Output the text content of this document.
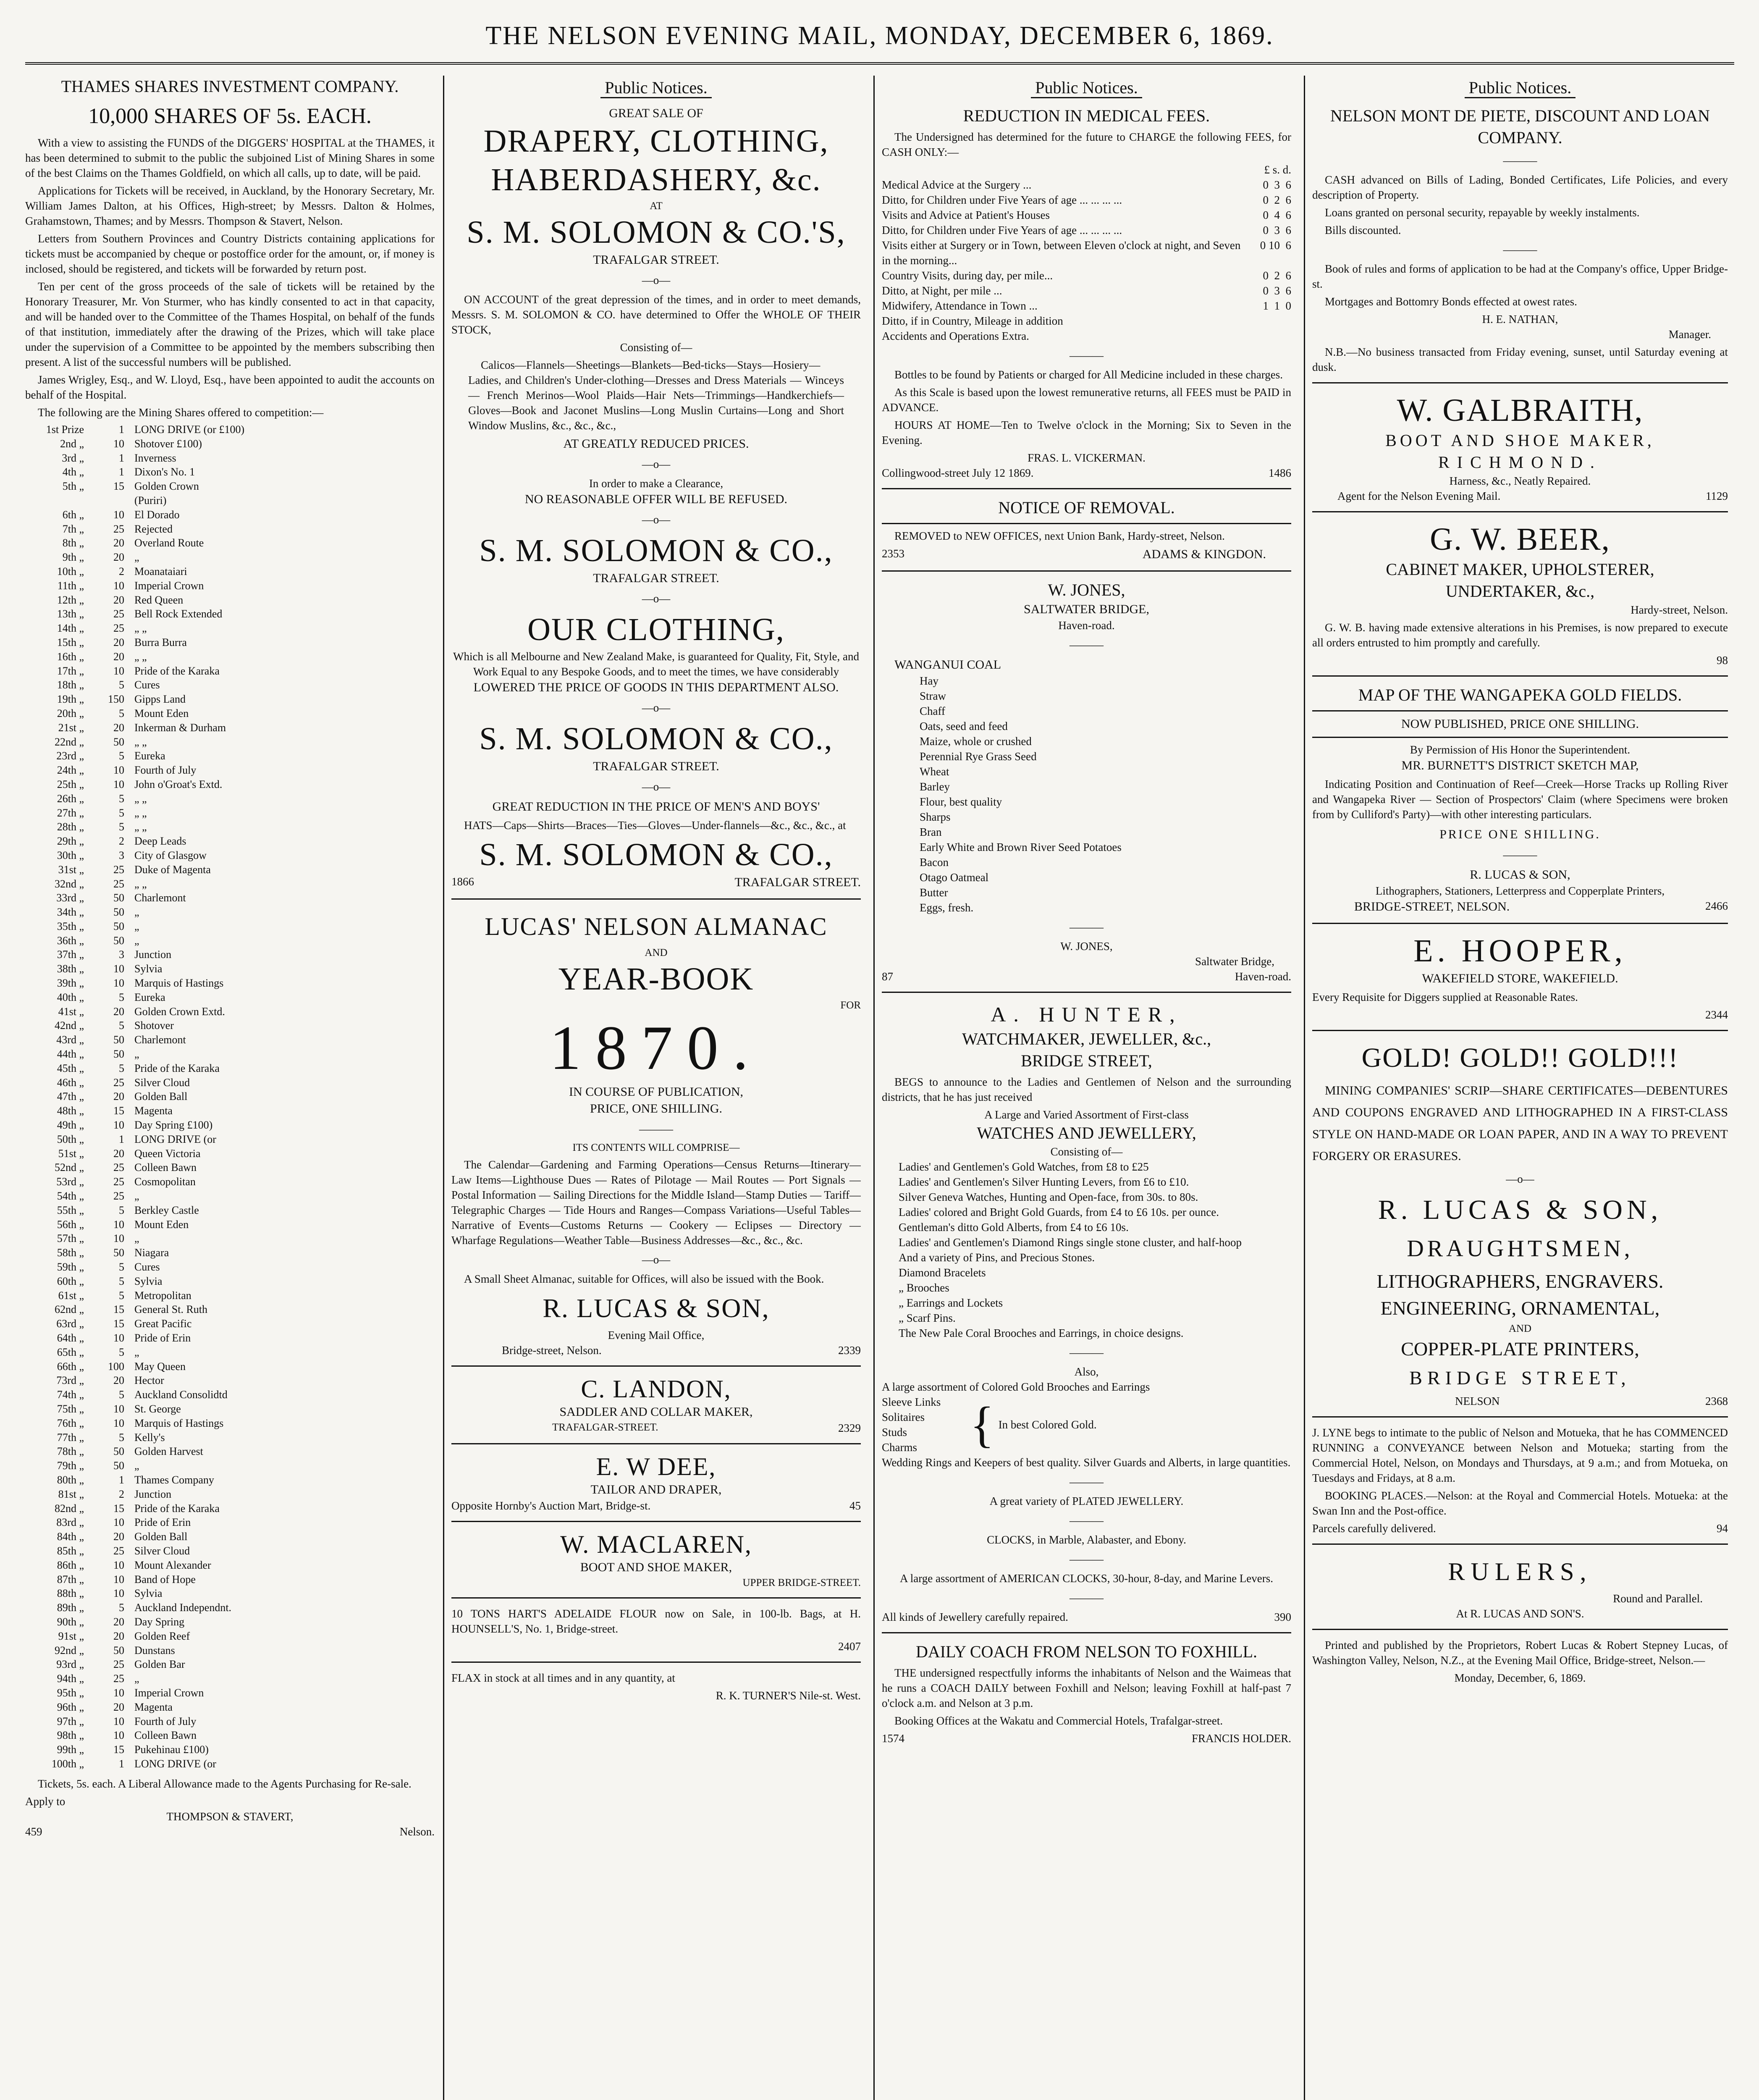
THE NELSON EVENING MAIL, MONDAY, DECEMBER 6, 1869.
THAMES SHARES INVESTMENT COMPANY.
10,000 SHARES OF 5s. EACH.
With a view to assisting the FUNDS of the DIGGERS' HOSPITAL at the THAMES, it has been determined to submit to the public the subjoined List of Mining Shares in some of the best Claims on the Thames Goldfield, on which all calls, up to date, will be paid.
Applications for Tickets will be received, in Auckland, by the Honorary Secretary, Mr. William James Dalton, at his Offices, High-street; by Messrs. Dalton & Holmes, Grahamstown, Thames; and by Messrs. Thompson & Stavert, Nelson.
Letters from Southern Provinces and Country Districts containing applications for tickets must be accompanied by cheque or postoffice order for the amount, or, if money is inclosed, should be registered, and tickets will be forwarded by return post.
Ten per cent of the gross proceeds of the sale of tickets will be retained by the Honorary Treasurer, Mr. Von Sturmer, who has kindly consented to act in that capacity, and will be handed over to the Committee of the Thames Hospital, on behalf of the funds of that institution, immediately after the drawing of the Prizes, which will take place under the supervision of a Committee to be appointed by the members subscribing then present. A list of the successful numbers will be published.
James Wrigley, Esq., and W. Lloyd, Esq., have been appointed to audit the accounts on behalf of the Hospital.
The following are the Mining Shares offered to competition:—
1st Prize	1 LONG DRIVE (or £100)
2nd „	10 Shotover £100)
3rd „	1 Inverness
4th „	1 Dixon's No. 1
5th „	15 Golden Crown
(Puriri)
6th „	10 El Dorado
7th „	25 Rejected
8th „	20 Overland Route
9th „	20 „
10th „	2 Moanataiari
11th „	10 Imperial Crown
12th „	20 Red Queen
13th „	25 Bell Rock Extended
14th „	25 „ „
15th „	20 Burra Burra
16th „	20 „ „
17th „	10 Pride of the Karaka
18th „	5 Cures
19th „	150 Gipps Land
20th „	5 Mount Eden
21st „	20 Inkerman & Durham
22nd „	50 „ „
23rd „	5 Eureka
24th „	10 Fourth of July
25th „	10 John o'Groat's Extd.
26th „	5 „ „
27th „	5 „ „
28th „	5 „ „
29th „	2 Deep Leads
30th „	3 City of Glasgow
31st „	25 Duke of Magenta
32nd „	25 „ „
33rd „	50 Charlemont
34th „	50 „
35th „	50 „
36th „	50 „
37th „	3 Junction
38th „	10 Sylvia
39th „	10 Marquis of Hastings
40th „	5 Eureka
41st „	20 Golden Crown Extd.
42nd „	5 Shotover
43rd „	50 Charlemont
44th „	50 „
45th „	5 Pride of the Karaka
46th „	25 Silver Cloud
47th „	20 Golden Ball
48th „	15 Magenta
49th „	10 Day Spring £100)
50th „	1 LONG DRIVE (or
51st „	20 Queen Victoria
52nd „	25 Colleen Bawn
53rd „	25 Cosmopolitan
54th „	25 „
55th „	5 Berkley Castle
56th „	10 Mount Eden
57th „	10 „
58th „	50 Niagara
59th „	5 Cures
60th „	5 Sylvia
61st „	5 Metropolitan
62nd „	15 General St. Ruth
63rd „	15 Great Pacific
64th „	10 Pride of Erin
65th „	5 „
66th „	100 May Queen
73rd „	20 Hector
74th „	5 Auckland Consolidtd
75th „	10 St. George
76th „	10 Marquis of Hastings
77th „	5 Kelly's
78th „	50 Golden Harvest
79th „	50 „
80th „	1 Thames Company
81st „	2 Junction
82nd „	15 Pride of the Karaka
83rd „	10 Pride of Erin
84th „	20 Golden Ball
85th „	25 Silver Cloud
86th „	10 Mount Alexander
87th „	10 Band of Hope
88th „	10 Sylvia
89th „	5 Auckland Independnt.
90th „	20 Day Spring
91st „	20 Golden Reef
92nd „	50 Dunstans
93rd „	25 Golden Bar
94th „	25 „
95th „	10 Imperial Crown
96th „	20 Magenta
97th „	10 Fourth of July
98th „	10 Colleen Bawn
99th „	15 Pukehinau £100)
100th „	1 LONG DRIVE (or
Tickets, 5s. each. A Liberal Allowance made to the Agents Purchasing for Re-sale.
Apply to
THOMPSON & STAVERT,
459	Nelson.
Public Notices.
GREAT SALE OF
DRAPERY, CLOTHING,
HABERDASHERY, &c.
AT
S. M. SOLOMON & CO.'S,
TRAFALGAR STREET.
—o—
ON ACCOUNT of the great depression of the times, and in order to meet demands, Messrs. S. M. SOLOMON & CO. have determined to Offer the WHOLE OF THEIR STOCK,
Consisting of—
Calicos—Flannels—Sheetings—Blankets—Bed-ticks—Stays—Hosiery—Ladies, and Children's Under-clothing—Dresses and Dress Materials — Winceys — French Merinos—Wool Plaids—Hair Nets—Trimmings—Handkerchiefs—Gloves—Book and Jaconet Muslins—Long Muslin Curtains—Long and Short Window Muslins, &c., &c., &c.,
AT GREATLY REDUCED PRICES.
—o—
In order to make a Clearance,
NO REASONABLE OFFER WILL BE REFUSED.
—o—
S. M. SOLOMON & CO.,
TRAFALGAR STREET.
—o—
OUR CLOTHING,
Which is all Melbourne and New Zealand Make, is guaranteed for Quality, Fit, Style, and Work Equal to any Bespoke Goods, and to meet the times, we have considerably
LOWERED THE PRICE OF GOODS IN THIS DEPARTMENT ALSO.
—o—
S. M. SOLOMON & CO.,
TRAFALGAR STREET.
—o—
GREAT REDUCTION IN THE PRICE OF MEN'S AND BOYS'
HATS—Caps—Shirts—Braces—Ties—Gloves—Under-flannels—&c., &c., &c., at
S. M. SOLOMON & CO.,
1866	TRAFALGAR STREET.
LUCAS' NELSON ALMANAC
AND
YEAR-BOOK
FOR
1870.
IN COURSE OF PUBLICATION,
PRICE, ONE SHILLING.
———
ITS CONTENTS WILL COMPRISE—
The Calendar—Gardening and Farming Operations—Census Returns—Itinerary—Law Items—Lighthouse Dues — Rates of Pilotage — Mail Routes — Port Signals — Postal Information — Sailing Directions for the Middle Island—Stamp Duties — Tariff—Telegraphic Charges — Tide Hours and Ranges—Compass Variations—Useful Tables—Narrative of Events—Customs Returns — Cookery — Eclipses — Directory — Wharfage Regulations—Weather Table—Business Addresses—&c., &c., &c.
—o—
A Small Sheet Almanac, suitable for Offices, will also be issued with the Book.
R. LUCAS & SON,
Evening Mail Office,
Bridge-street, Nelson.	2339
C. LANDON,
SADDLER AND COLLAR MAKER,
TRAFALGAR-STREET.	2329
E. W DEE,
TAILOR AND DRAPER,
Opposite Hornby's Auction Mart, Bridge-st.	45
W. MACLAREN,
BOOT AND SHOE MAKER,
UPPER BRIDGE-STREET.
10 TONS HART'S ADELAIDE FLOUR now on Sale, in 100-lb. Bags, at H. HOUNSELL'S, No. 1, Bridge-street.
2407
FLAX in stock at all times and in any quantity, at
R. K. TURNER'S Nile-st. West.
Public Notices.
REDUCTION IN MEDICAL FEES.
The Undersigned has determined for the future to CHARGE the following FEES, for CASH ONLY:—
£ s. d.
Medical Advice at the Surgery ...	0  3  6
Ditto, for Children under Five Years of age ... ... ... ...	0  2  6
Visits and Advice at Patient's Houses	0  4  6
Ditto, for Children under Five Years of age ... ... ... ...	0  3  6
Visits either at Surgery or in Town, between Eleven o'clock at night, and Seven in the morning...
0 10  6
Country Visits, during day, per mile...	0  2  6
Ditto, at Night, per mile ...	0  3  6
Midwifery, Attendance in Town ...	1  1  0
Ditto, if in Country, Mileage in addition
Accidents and Operations Extra.
———
Bottles to be found by Patients or charged for All Medicine included in these charges.
As this Scale is based upon the lowest remunerative returns, all FEES must be PAID in ADVANCE.
HOURS AT HOME—Ten to Twelve o'clock in the Morning; Six to Seven in the Evening.
FRAS. L. VICKERMAN.
Collingwood-street July 12 1869.	1486
NOTICE OF REMOVAL.
REMOVED to NEW OFFICES, next Union Bank, Hardy-street, Nelson.
2353	ADAMS & KINGDON.
W. JONES,
SALTWATER BRIDGE,
Haven-road.
———
WANGANUI COAL
Hay
Straw
Chaff
Oats, seed and feed
Maize, whole or crushed
Perennial Rye Grass Seed
Wheat
Barley
Flour, best quality
Sharps
Bran
Early White and Brown River Seed Potatoes
Bacon
Otago Oatmeal
Butter
Eggs, fresh.
———
W. JONES,
Saltwater Bridge,
87	Haven-road.
A. HUNTER,
WATCHMAKER, JEWELLER, &c.,
BRIDGE STREET,
BEGS to announce to the Ladies and Gentlemen of Nelson and the surrounding districts, that he has just received
A Large and Varied Assortment of First-class
WATCHES AND JEWELLERY,
Consisting of—
Ladies' and Gentlemen's Gold Watches, from £8 to £25
Ladies' and Gentlemen's Silver Hunting Levers, from £6 to £10.
Silver Geneva Watches, Hunting and Open-face, from 30s. to 80s.
Ladies' colored and Bright Gold Guards, from £4 to £6 10s. per ounce.
Gentleman's ditto Gold Alberts, from £4 to £6 10s.
Ladies' and Gentlemen's Diamond Rings single stone cluster, and half-hoop
And a variety of Pins, and Precious Stones.
Diamond Bracelets
„ Brooches
„ Earrings and Lockets
„ Scarf Pins.
The New Pale Coral Brooches and Earrings, in choice designs.
———
Also,
A large assortment of Colored Gold Brooches and Earrings
Sleeve Links
Solitaires
Studs
Charms	{ In best Colored Gold.
Wedding Rings and Keepers of best quality. Silver Guards and Alberts, in large quantities.
———
A great variety of PLATED JEWELLERY.
———
CLOCKS, in Marble, Alabaster, and Ebony.
———
A large assortment of AMERICAN CLOCKS, 30-hour, 8-day, and Marine Levers.
———
All kinds of Jewellery carefully repaired.	390
DAILY COACH FROM NELSON TO FOXHILL.
THE undersigned respectfully informs the inhabitants of Nelson and the Waimeas that he runs a COACH DAILY between Foxhill and Nelson; leaving Foxhill at half-past 7 o'clock a.m. and Nelson at 3 p.m.
Booking Offices at the Wakatu and Commercial Hotels, Trafalgar-street.
1574	FRANCIS HOLDER.
Public Notices.
NELSON MONT DE PIETE, DISCOUNT AND LOAN COMPANY.
———
CASH advanced on Bills of Lading, Bonded Certificates, Life Policies, and every description of Property.
Loans granted on personal security, repayable by weekly instalments.
Bills discounted.
———
Book of rules and forms of application to be had at the Company's office, Upper Bridge-st.
Mortgages and Bottomry Bonds effected at owest rates.
H. E. NATHAN,
Manager.
N.B.—No business transacted from Friday evening, sunset, until Saturday evening at dusk.
W. GALBRAITH,
BOOT AND SHOE MAKER,
RICHMOND.
Harness, &c., Neatly Repaired.
Agent for the Nelson Evening Mail.	1129
G. W. BEER,
CABINET MAKER, UPHOLSTERER,
UNDERTAKER, &c.,
Hardy-street, Nelson.
G. W. B. having made extensive alterations in his Premises, is now prepared to execute all orders entrusted to him promptly and carefully.
98
MAP OF THE WANGAPEKA GOLD FIELDS.
NOW PUBLISHED, PRICE ONE SHILLING.
By Permission of His Honor the Superintendent.
MR. BURNETT'S DISTRICT SKETCH MAP,
Indicating Position and Continuation of Reef—Creek—Horse Tracks up Rolling River and Wangapeka River — Section of Prospectors' Claim (where Specimens were broken from by Culliford's Party)—with other interesting particulars.
PRICE ONE SHILLING.
———
R. LUCAS & SON,
Lithographers, Stationers, Letterpress and Copperplate Printers,
BRIDGE-STREET, NELSON.	2466
E. HOOPER,
WAKEFIELD STORE, WAKEFIELD.
Every Requisite for Diggers supplied at Reasonable Rates.
2344
GOLD! GOLD!! GOLD!!!
MINING COMPANIES' SCRIP—SHARE CERTIFICATES—DEBENTURES AND COUPONS ENGRAVED AND LITHOGRAPHED IN A FIRST-CLASS STYLE ON HAND-MADE OR LOAN PAPER, AND IN A WAY TO PREVENT FORGERY OR ERASURES.
—o—
R. LUCAS & SON,
DRAUGHTSMEN,
LITHOGRAPHERS, ENGRAVERS.
ENGINEERING, ORNAMENTAL,
AND
COPPER-PLATE PRINTERS,
BRIDGE STREET,
NELSON	2368
J. LYNE begs to intimate to the public of Nelson and Motueka, that he has COMMENCED RUNNING a CONVEYANCE between Nelson and Motueka; starting from the Commercial Hotel, Nelson, on Mondays and Thursdays, at 9 a.m.; and from Motueka, on Tuesdays and Fridays, at 8 a.m.
BOOKING PLACES.—Nelson: at the Royal and Commercial Hotels. Motueka: at the Swan Inn and the Post-office.
Parcels carefully delivered.	94
RULERS,
Round and Parallel.
At R. LUCAS AND SON'S.
Printed and published by the Proprietors, Robert Lucas & Robert Stepney Lucas, of Washington Valley, Nelson, N.Z., at the Evening Mail Office, Bridge-street, Nelson.—
Monday, December, 6, 1869.
